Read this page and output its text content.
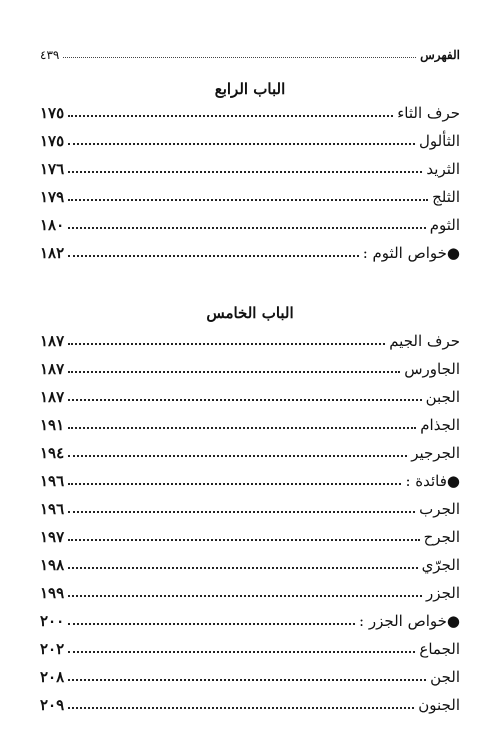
الفهرس
٤٣٩
الباب الرابع
حرف الثاء
١٧٥
الثألول
١٧٥
الثريد
١٧٦
الثلج
١٧٩
الثوم
١٨٠
●خواص الثوم :
١٨٢
الباب الخامس
حرف الجيم
١٨٧
الجاورس
١٨٧
الجبن
١٨٧
الجذام
١٩١
الجرجير
١٩٤
●فائدة :
١٩٦
الجرب
١٩٦
الجرح
١٩٧
الجرّي
١٩٨
الجزر
١٩٩
●خواص الجزر :
٢٠٠
الجماع
٢٠٢
الجن
٢٠٨
الجنون
٢٠٩
